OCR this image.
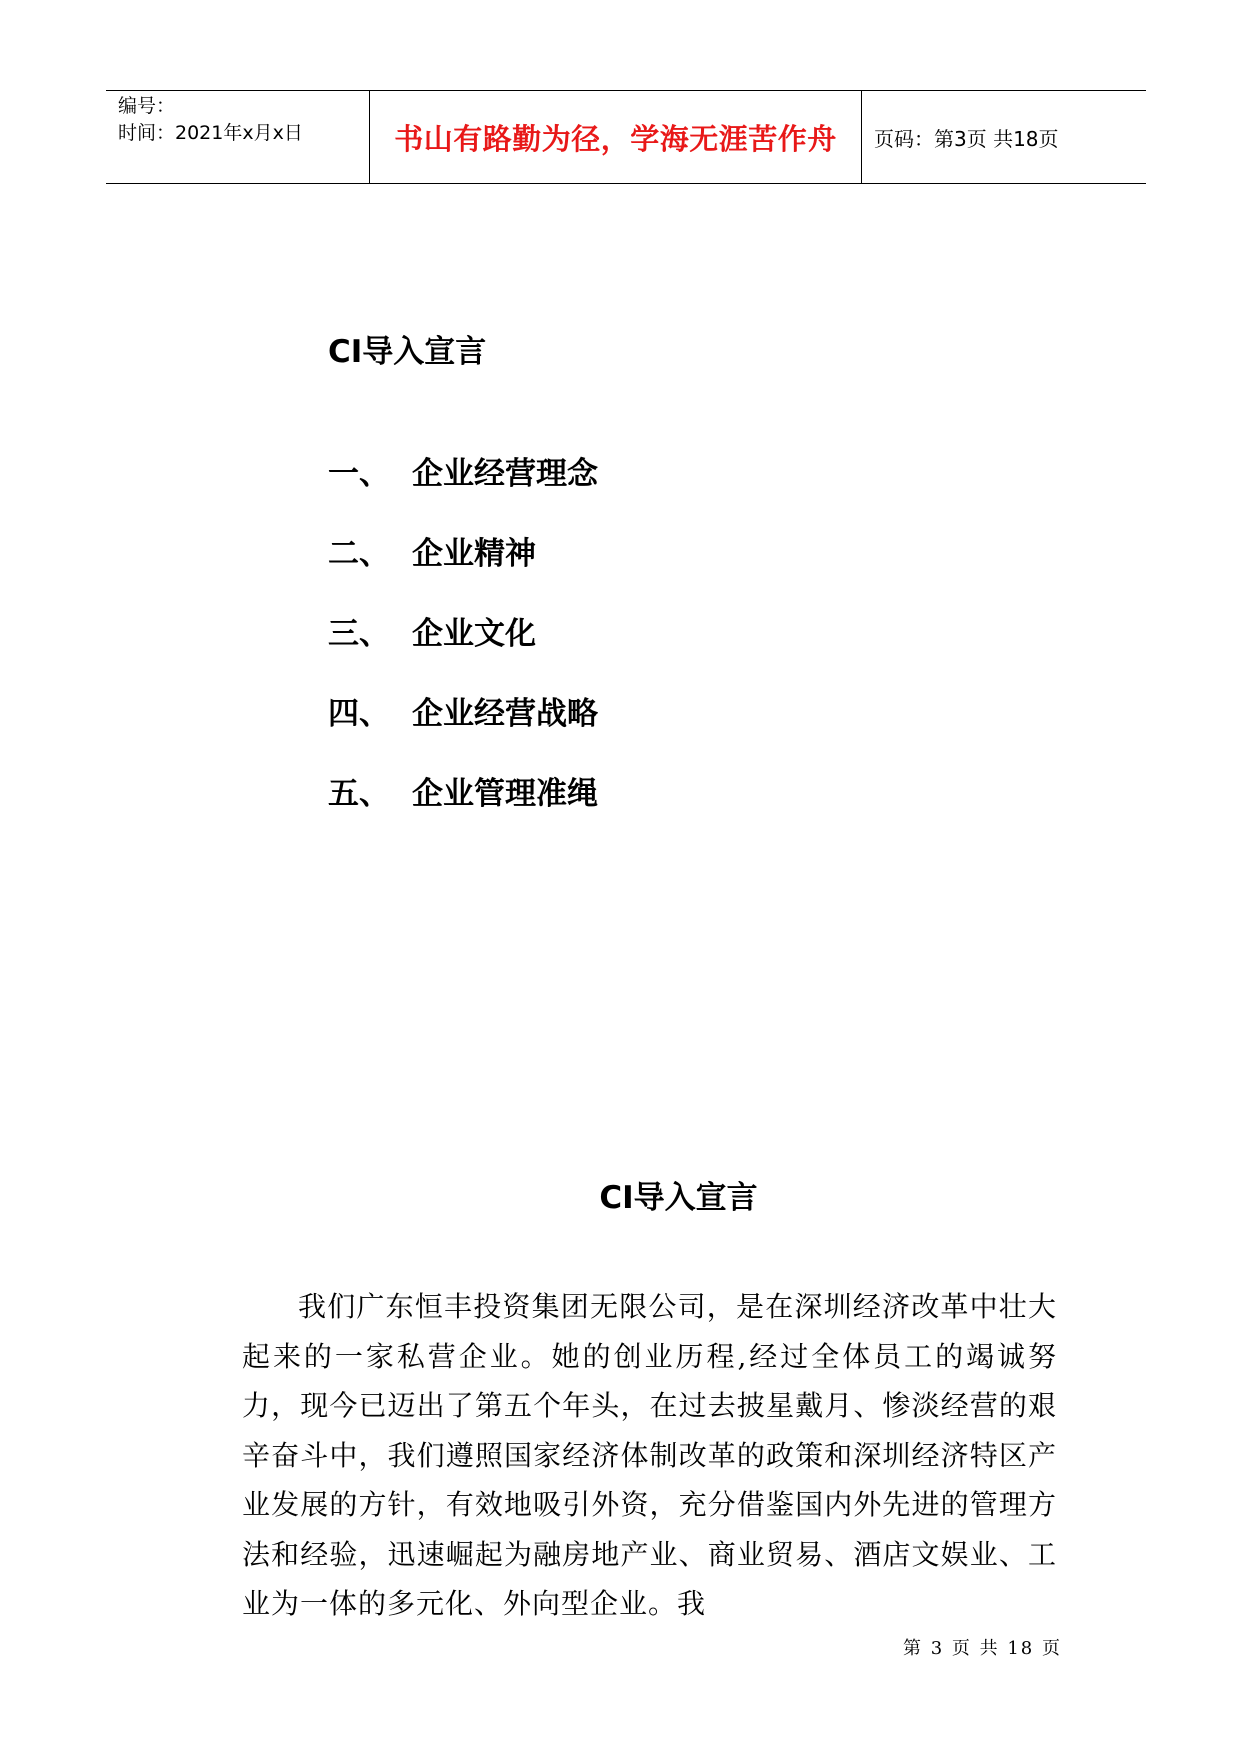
编号：
时间：2021年x月x日	书山有路勤为径，学海无涯苦作舟 页码：第3页 共18页
CI导入宣言
一、 企业经营理念
二、 企业精神
三、 企业文化
四、 企业经营战略
五、 企业管理准绳
CI导入宣言

我们广东恒丰投资集团无限公司，是在深圳经济改革中壮大起来的一家私营企业。她的创业历程,经过全体员工的竭诚努力，现今已迈出了第五个年头，在过去披星戴月、惨淡经营的艰辛奋斗中，我们遵照国家经济体制改革的政策和深圳经济特区产业发展的方针，有效地吸引外资，充分借鉴国内外先进的管理方法和经验，迅速崛起为融房地产业、商业贸易、酒店文娱业、工业为一体的多元化、外向型企业。我

第 3 页 共 18 页
